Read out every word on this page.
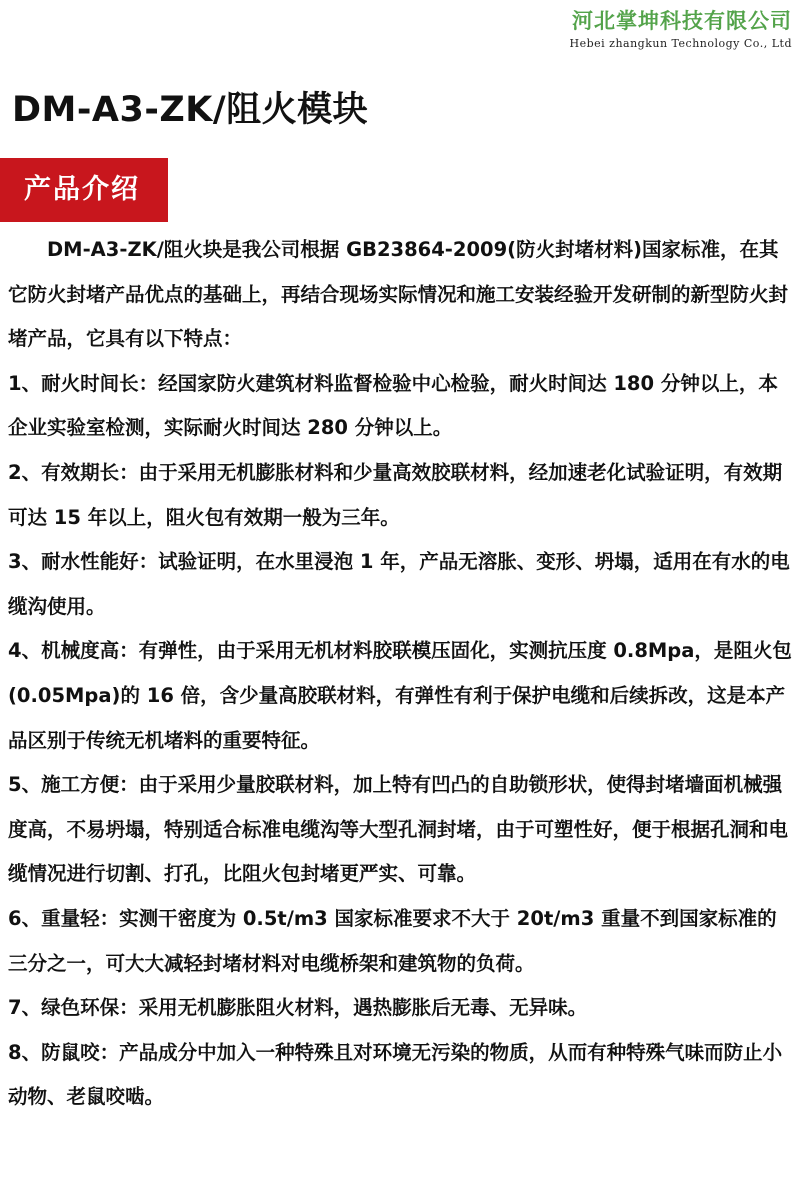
河北掌坤科技有限公司
Hebei zhangkun Technology Co., Ltd
DM-A3-ZK/阻火模块
产品介绍

DM-A3-ZK/阻火块是我公司根据 GB23864-2009(防火封堵材料)国家标准，在其它防火封堵产品优点的基础上，再结合现场实际情况和施工安装经验开发研制的新型防火封堵产品，它具有以下特点：

1、耐火时间长：经国家防火建筑材料监督检验中心检验，耐火时间达 180 分钟以上，本企业实验室检测，实际耐火时间达 280 分钟以上。

2、有效期长：由于采用无机膨胀材料和少量高效胶联材料，经加速老化试验证明，有效期可达 15 年以上，阻火包有效期一般为三年。

3、耐水性能好：试验证明，在水里浸泡 1 年，产品无溶胀、变形、坍塌，适用在有水的电缆沟使用。

4、机械度高：有弹性，由于采用无机材料胶联模压固化，实测抗压度 0.8Mpa，是阻火包(0.05Mpa)的 16 倍，含少量高胶联材料，有弹性有利于保护电缆和后续拆改，这是本产品区别于传统无机堵料的重要特征。

5、施工方便：由于采用少量胶联材料，加上特有凹凸的自助锁形状，使得封堵墙面机械强度高，不易坍塌，特别适合标准电缆沟等大型孔洞封堵，由于可塑性好，便于根据孔洞和电缆情况进行切割、打孔，比阻火包封堵更严实、可靠。

6、重量轻：实测干密度为 0.5t/m3 国家标准要求不大于 20t/m3 重量不到国家标准的三分之一，可大大减轻封堵材料对电缆桥架和建筑物的负荷。

7、绿色环保：采用无机膨胀阻火材料，遇热膨胀后无毒、无异味。

8、防鼠咬：产品成分中加入一种特殊且对环境无污染的物质，从而有种特殊气味而防止小动物、老鼠咬啮。
